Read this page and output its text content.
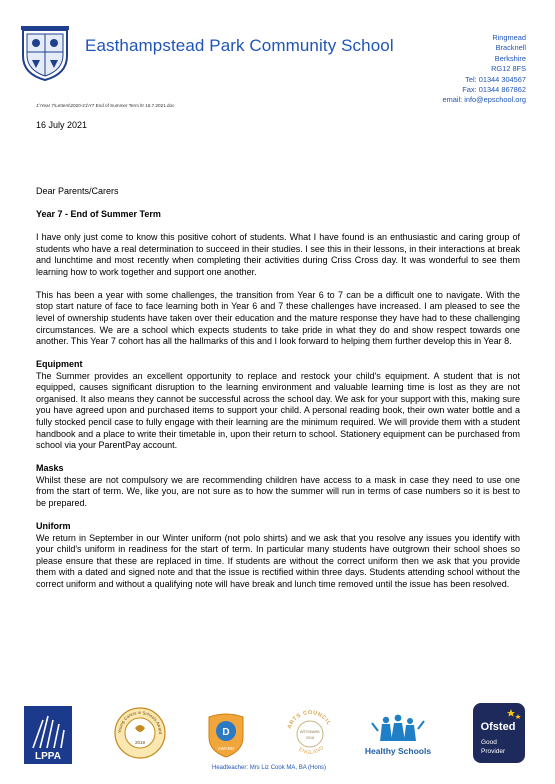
Easthampstead Park Community School	Ringmead
Bracknell
Berkshire
RG12 8FS
Tel: 01344 304567
Fax: 01344 867862
email: info@epschool.org
J:\Year 7\Letters\2020-21\Y7 End of Summer Term ltr 16.7.2021.doc
16 July 2021

Dear Parents/Carers

Year 7 - End of Summer Term

I have only just come to know this positive cohort of students. What I have found is an enthusiastic and caring group of students who have a real determination to succeed in their studies. I see this in their lessons, in their interactions at break and lunchtime and most recently when completing their activities during Criss Cross day. It was wonderful to see them learning how to work together and support one another.

This has been a year with some challenges, the transition from Year 6 to 7 can be a difficult one to navigate. With the stop start nature of face to face learning both in Year 6 and 7 these challenges have increased. I am pleased to see the level of ownership students have taken over their education and the mature response they have had to these challenging circumstances. We are a school which expects students to take pride in what they do and show respect towards one another. This Year 7 cohort has all the hallmarks of this and I look forward to helping them further develop this in Year 8.

Equipment

The Summer provides an excellent opportunity to replace and restock your child's equipment. A student that is not equipped, causes significant disruption to the learning environment and valuable learning time is lost as they are not organised. It also means they cannot be successful across the school day. We ask for your support with this, making sure you have agreed upon and purchased items to support your child. A personal reading book, their own water bottle and a fully stocked pencil case to fully engage with their learning are the minimum required. We will provide them with a student handbook and a place to write their timetable in, upon their return to school. Stationery equipment can be purchased from school via your ParentPay account.

Masks

Whilst these are not compulsory we are recommending children have access to a mask in case they need to use one from the start of term. We, like you, are not sure as to how the summer will run in terms of case numbers so it is best to be prepared.

Uniform

We return in September in our Winter uniform (not polo shirts) and we ask that you resolve any issues you identify with your child's uniform in readiness for the start of term. In particular many students have outgrown their school shoes so please ensure that these are replaced in time. If students are without the correct uniform then we ask that you provide them with a dated and signed note and that the issue is rectified within three days. Students attending school without the correct uniform and without a qualifying note will have break and lunch time removed until the issue has been resolved.

LPPA
Young Carers in Schools Award
2018
D
AWARD
ARTS COUNCIL
ENGLAND
ARTSMARK
2018
Healthy Schools
Ofsted
Good
Provider
Headteacher: Mrs Liz Cook MA, BA (Hons)
